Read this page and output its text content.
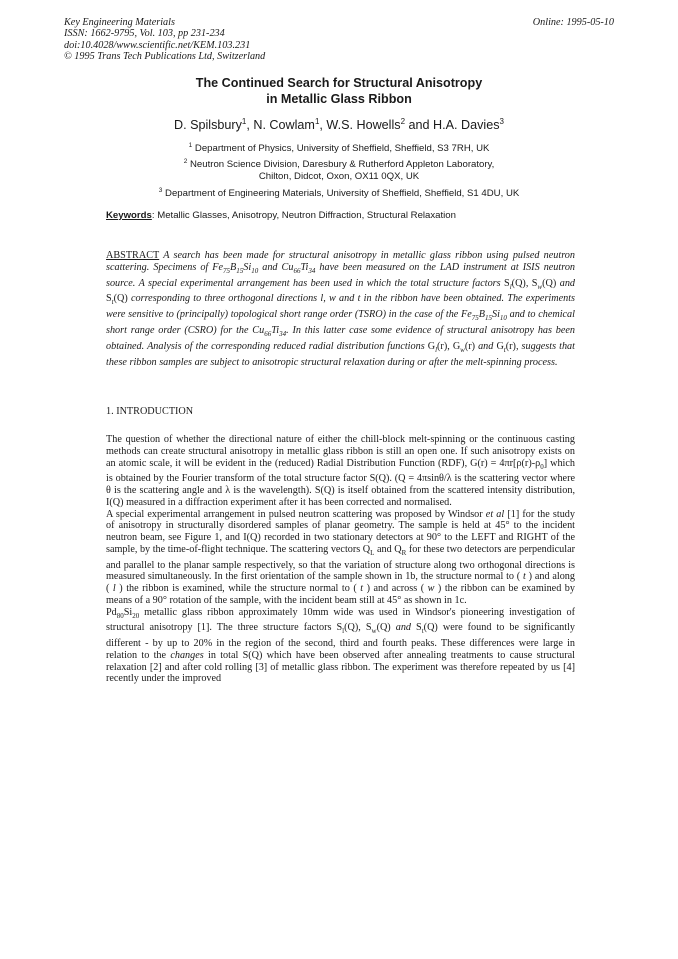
Key Engineering Materials
ISSN: 1662-9795, Vol. 103, pp 231-234
doi:10.4028/www.scientific.net/KEM.103.231
© 1995 Trans Tech Publications Ltd, Switzerland
Online: 1995-05-10
The Continued Search for Structural Anisotropy
in Metallic Glass Ribbon
D. Spilsbury$^1$, N. Cowlam$^1$, W.S. Howells$^2$ and H.A. Davies$^3$
$^1$ Department of Physics, University of Sheffield, Sheffield, S3 7RH, UK
$^2$ Neutron Science Division, Daresbury & Rutherford Appleton Laboratory,
Chilton, Didcot, Oxon, OX11 0QX, UK
$^3$ Department of Engineering Materials, University of Sheffield, Sheffield, S1 4DU, UK
Keywords: Metallic Glasses, Anisotropy, Neutron Diffraction, Structural Relaxation
ABSTRACT A search has been made for structural anisotropy in metallic glass ribbon using pulsed neutron scattering. Specimens of $Fe_{75}B_{15}Si_{10}$ and $Cu_{66}Ti_{34}$ have been measured on the LAD instrument at ISIS neutron source. A special experimental arrangement has been used in which the total structure factors $S_l(Q)$, $S_w(Q)$ and $S_t(Q)$ corresponding to three orthogonal directions l, w and t in the ribbon have been obtained. The experiments were sensitive to (principally) topological short range order (TSRO) in the case of the $Fe_{75}B_{15}Si_{10}$ and to chemical short range order (CSRO) for the $Cu_{66}Ti_{34}$. In this latter case some evidence of structural anisotropy has been obtained. Analysis of the corresponding reduced radial distribution functions $G_l(r)$, $G_w(r)$ and $G_t(r)$, suggests that these ribbon samples are subject to anisotropic structural relaxation during or after the melt-spinning process.
1. INTRODUCTION

The question of whether the directional nature of either the chill-block melt-spinning or the continuous casting methods can create structural anisotropy in metallic glass ribbon is still an open one. If such anisotropy exists on an atomic scale, it will be evident in the (reduced) Radial Distribution Function (RDF), $G(r) = 4\pi r[\rho(r)-\rho_0]$ which is obtained by the Fourier transform of the total structure factor S(Q). (Q = 4πsinθ/λ is the scattering vector where θ is the scattering angle and λ is the wavelength). S(Q) is itself obtained from the scattered intensity distribution, I(Q) measured in a diffraction experiment after it has been corrected and normalised.

A special experimental arrangement in pulsed neutron scattering was proposed by Windsor et al [1] for the study of anisotropy in structurally disordered samples of planar geometry. The sample is held at 45° to the incident neutron beam, see Figure 1, and I(Q) recorded in two stationary detectors at 90° to the LEFT and RIGHT of the sample, by the time-of-flight technique. The scattering vectors $Q_L$ and $Q_R$ for these two detectors are perpendicular and parallel to the planar sample respectively, so that the variation of structure along two orthogonal directions is measured simultaneously. In the first orientation of the sample shown in 1b, the structure normal to ( t ) and along ( l ) the ribbon is examined, while the structure normal to ( t ) and across ( w ) the ribbon can be examined by means of a 90° rotation of the sample, with the incident beam still at 45° as shown in 1c.

$Pd_{80}Si_{20}$ metallic glass ribbon approximately 10mm wide was used in Windsor's pioneering investigation of structural anisotropy [1]. The three structure factors $S_l(Q)$, $S_w(Q)$ and $S_t(Q)$ were found to be significantly different - by up to 20% in the region of the second, third and fourth peaks. These differences were large in relation to the changes in total S(Q) which have been observed after annealing treatments to cause structural relaxation [2] and after cold rolling [3] of metallic glass ribbon. The experiment was therefore repeated by us [4] recently under the improved
